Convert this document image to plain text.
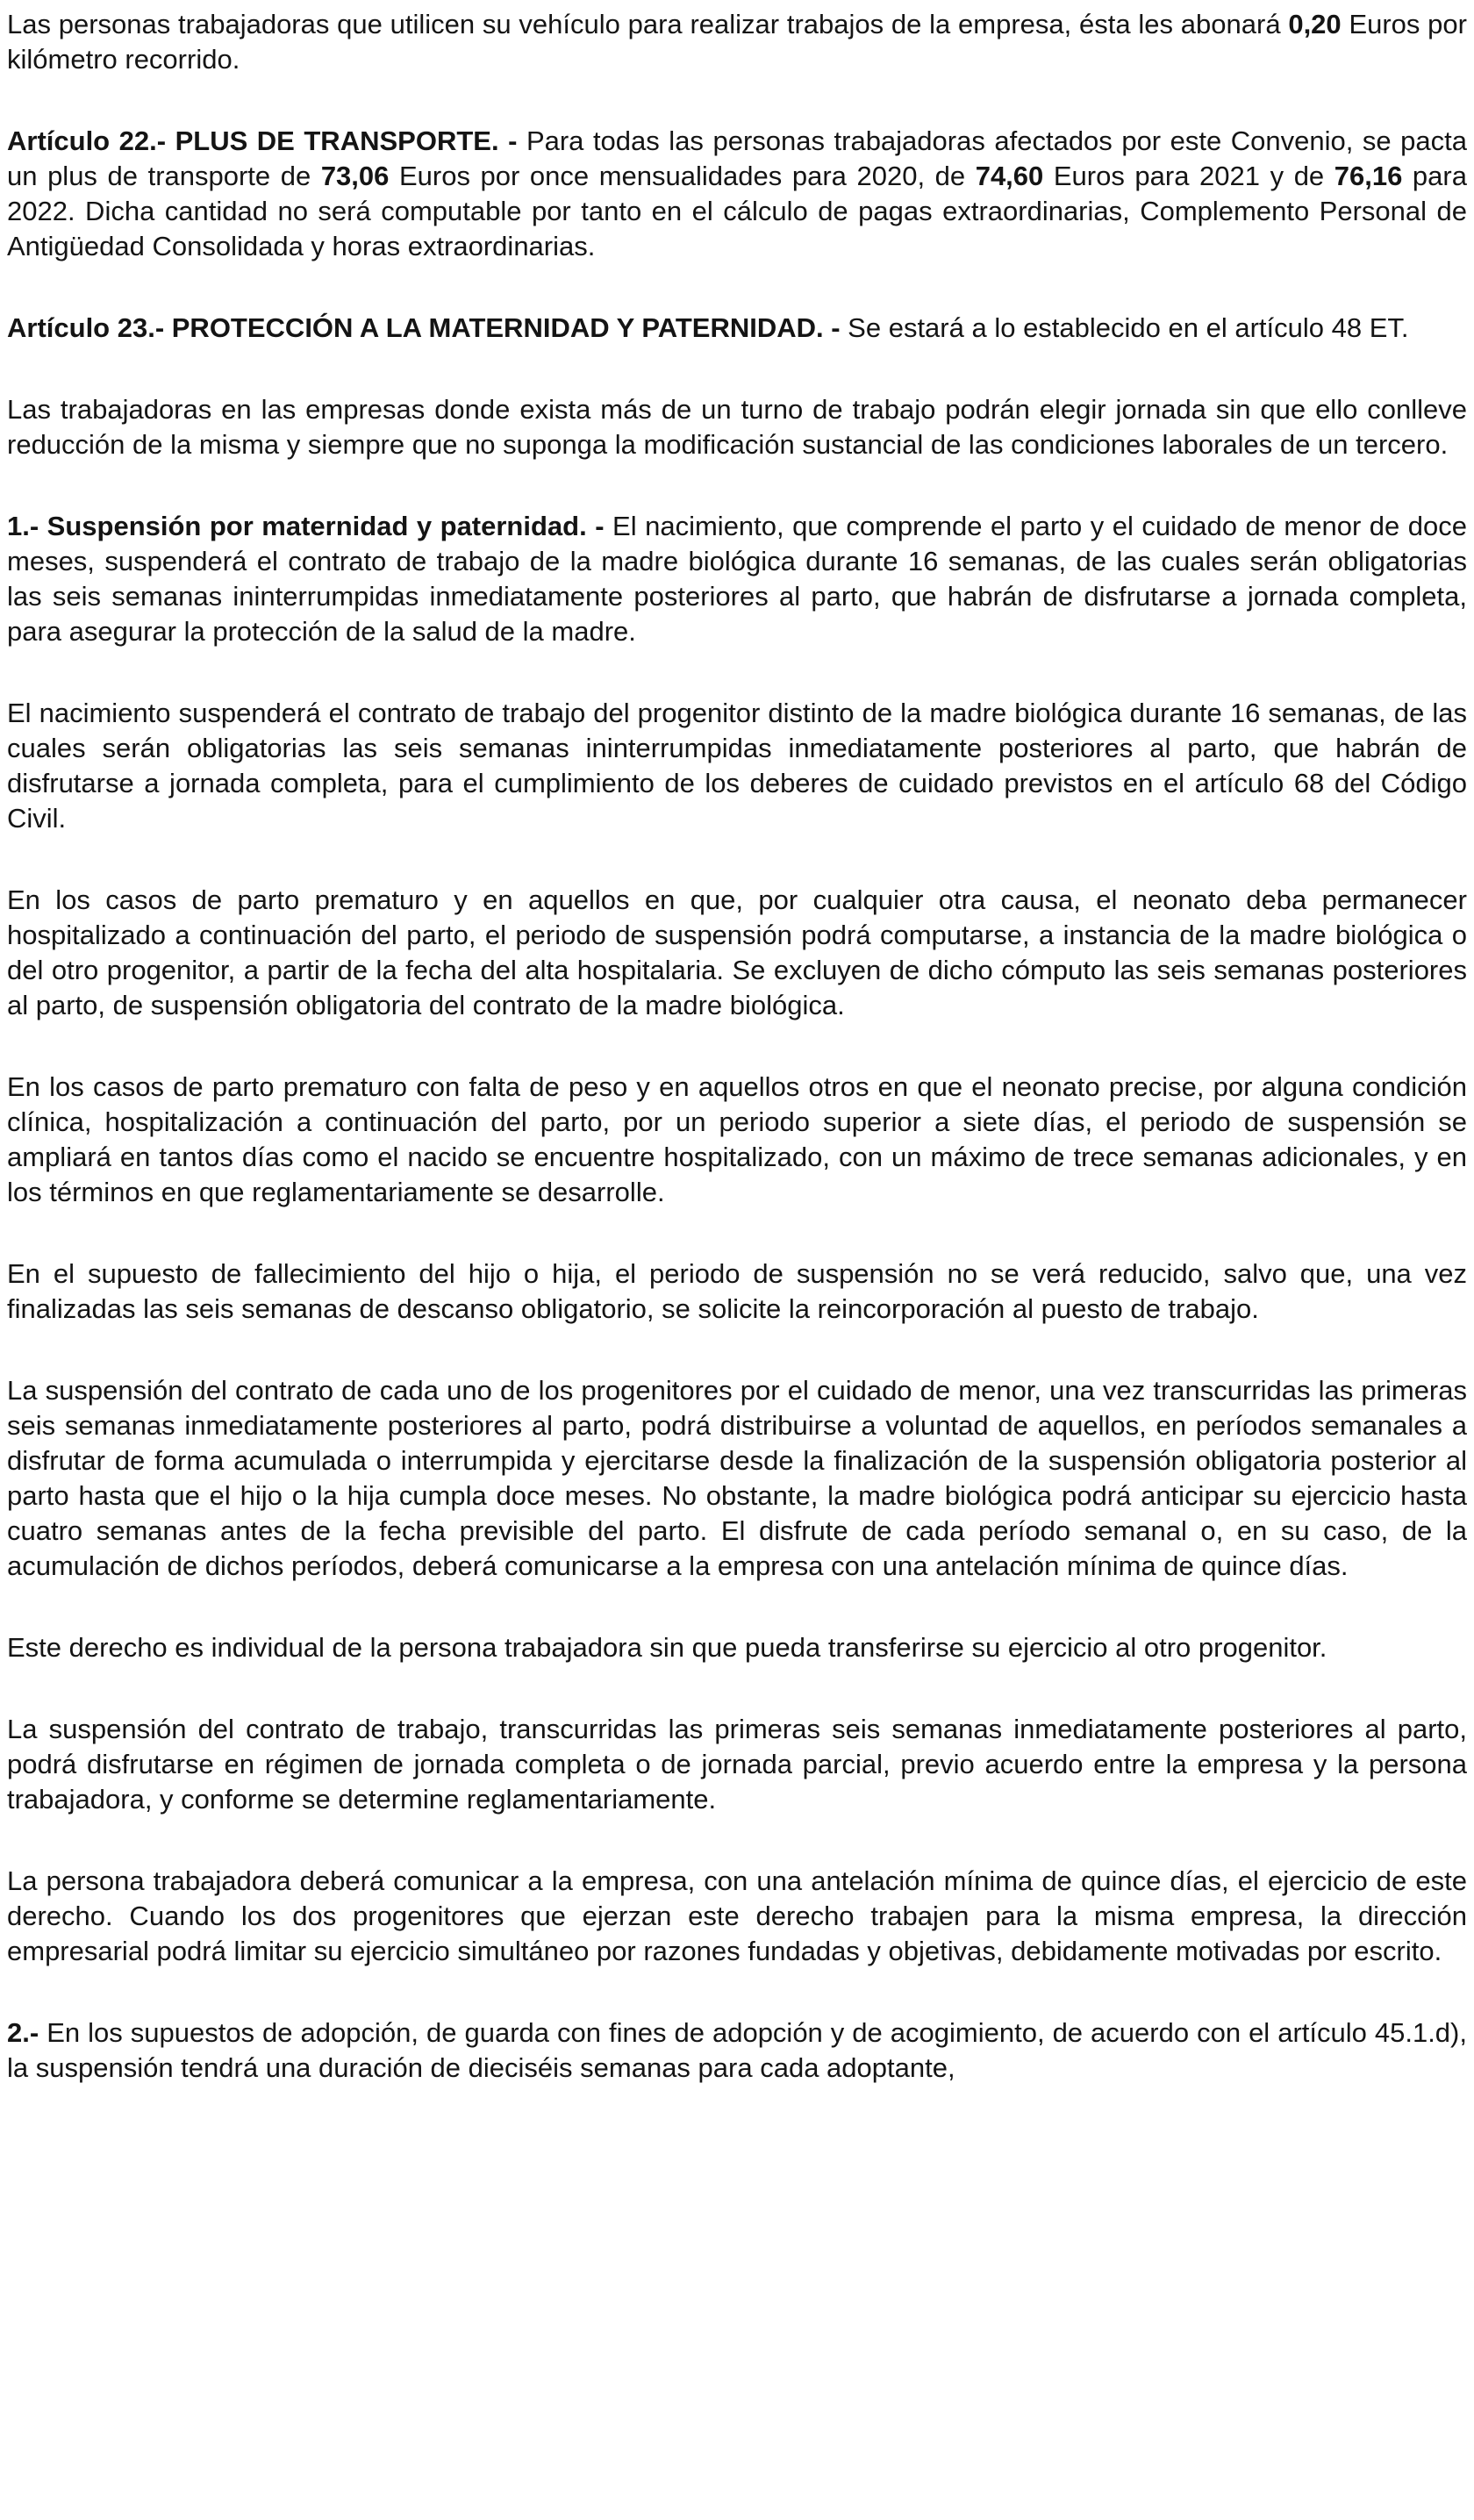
Las personas trabajadoras que utilicen su vehículo para realizar trabajos de la empresa, ésta les abonará 0,20 Euros por kilómetro recorrido.

Artículo 22.- PLUS DE TRANSPORTE. - Para todas las personas trabajadoras afectados por este Convenio, se pacta un plus de transporte de 73,06 Euros por once mensualidades para 2020, de 74,60 Euros para 2021 y de 76,16 para 2022. Dicha cantidad no será computable por tanto en el cálculo de pagas extraordinarias, Complemento Personal de Antigüedad Consolidada y horas extraordinarias.

Artículo 23.- PROTECCIÓN A LA MATERNIDAD Y PATERNIDAD. - Se estará a lo establecido en el artículo 48 ET.

Las trabajadoras en las empresas donde exista más de un turno de trabajo podrán elegir jornada sin que ello conlleve reducción de la misma y siempre que no suponga la modificación sustancial de las condiciones laborales de un tercero.

1.- Suspensión por maternidad y paternidad. - El nacimiento, que comprende el parto y el cuidado de menor de doce meses, suspenderá el contrato de trabajo de la madre biológica durante 16 semanas, de las cuales serán obligatorias las seis semanas ininterrumpidas inmediatamente posteriores al parto, que habrán de disfrutarse a jornada completa, para asegurar la protección de la salud de la madre.

El nacimiento suspenderá el contrato de trabajo del progenitor distinto de la madre biológica durante 16 semanas, de las cuales serán obligatorias las seis semanas ininterrumpidas inmediatamente posteriores al parto, que habrán de disfrutarse a jornada completa, para el cumplimiento de los deberes de cuidado previstos en el artículo 68 del Código Civil.

En los casos de parto prematuro y en aquellos en que, por cualquier otra causa, el neonato deba permanecer hospitalizado a continuación del parto, el periodo de suspensión podrá computarse, a instancia de la madre biológica o del otro progenitor, a partir de la fecha del alta hospitalaria. Se excluyen de dicho cómputo las seis semanas posteriores al parto, de suspensión obligatoria del contrato de la madre biológica.

En los casos de parto prematuro con falta de peso y en aquellos otros en que el neonato precise, por alguna condición clínica, hospitalización a continuación del parto, por un periodo superior a siete días, el periodo de suspensión se ampliará en tantos días como el nacido se encuentre hospitalizado, con un máximo de trece semanas adicionales, y en los términos en que reglamentariamente se desarrolle.

En el supuesto de fallecimiento del hijo o hija, el periodo de suspensión no se verá reducido, salvo que, una vez finalizadas las seis semanas de descanso obligatorio, se solicite la reincorporación al puesto de trabajo.

La suspensión del contrato de cada uno de los progenitores por el cuidado de menor, una vez transcurridas las primeras seis semanas inmediatamente posteriores al parto, podrá distribuirse a voluntad de aquellos, en períodos semanales a disfrutar de forma acumulada o interrumpida y ejercitarse desde la finalización de la suspensión obligatoria posterior al parto hasta que el hijo o la hija cumpla doce meses. No obstante, la madre biológica podrá anticipar su ejercicio hasta cuatro semanas antes de la fecha previsible del parto. El disfrute de cada período semanal o, en su caso, de la acumulación de dichos períodos, deberá comunicarse a la empresa con una antelación mínima de quince días.

Este derecho es individual de la persona trabajadora sin que pueda transferirse su ejercicio al otro progenitor.

La suspensión del contrato de trabajo, transcurridas las primeras seis semanas inmediatamente posteriores al parto, podrá disfrutarse en régimen de jornada completa o de jornada parcial, previo acuerdo entre la empresa y la persona trabajadora, y conforme se determine reglamentariamente.

La persona trabajadora deberá comunicar a la empresa, con una antelación mínima de quince días, el ejercicio de este derecho. Cuando los dos progenitores que ejerzan este derecho trabajen para la misma empresa, la dirección empresarial podrá limitar su ejercicio simultáneo por razones fundadas y objetivas, debidamente motivadas por escrito.

2.- En los supuestos de adopción, de guarda con fines de adopción y de acogimiento, de acuerdo con el artículo 45.1.d), la suspensión tendrá una duración de dieciséis semanas para cada adoptante,
